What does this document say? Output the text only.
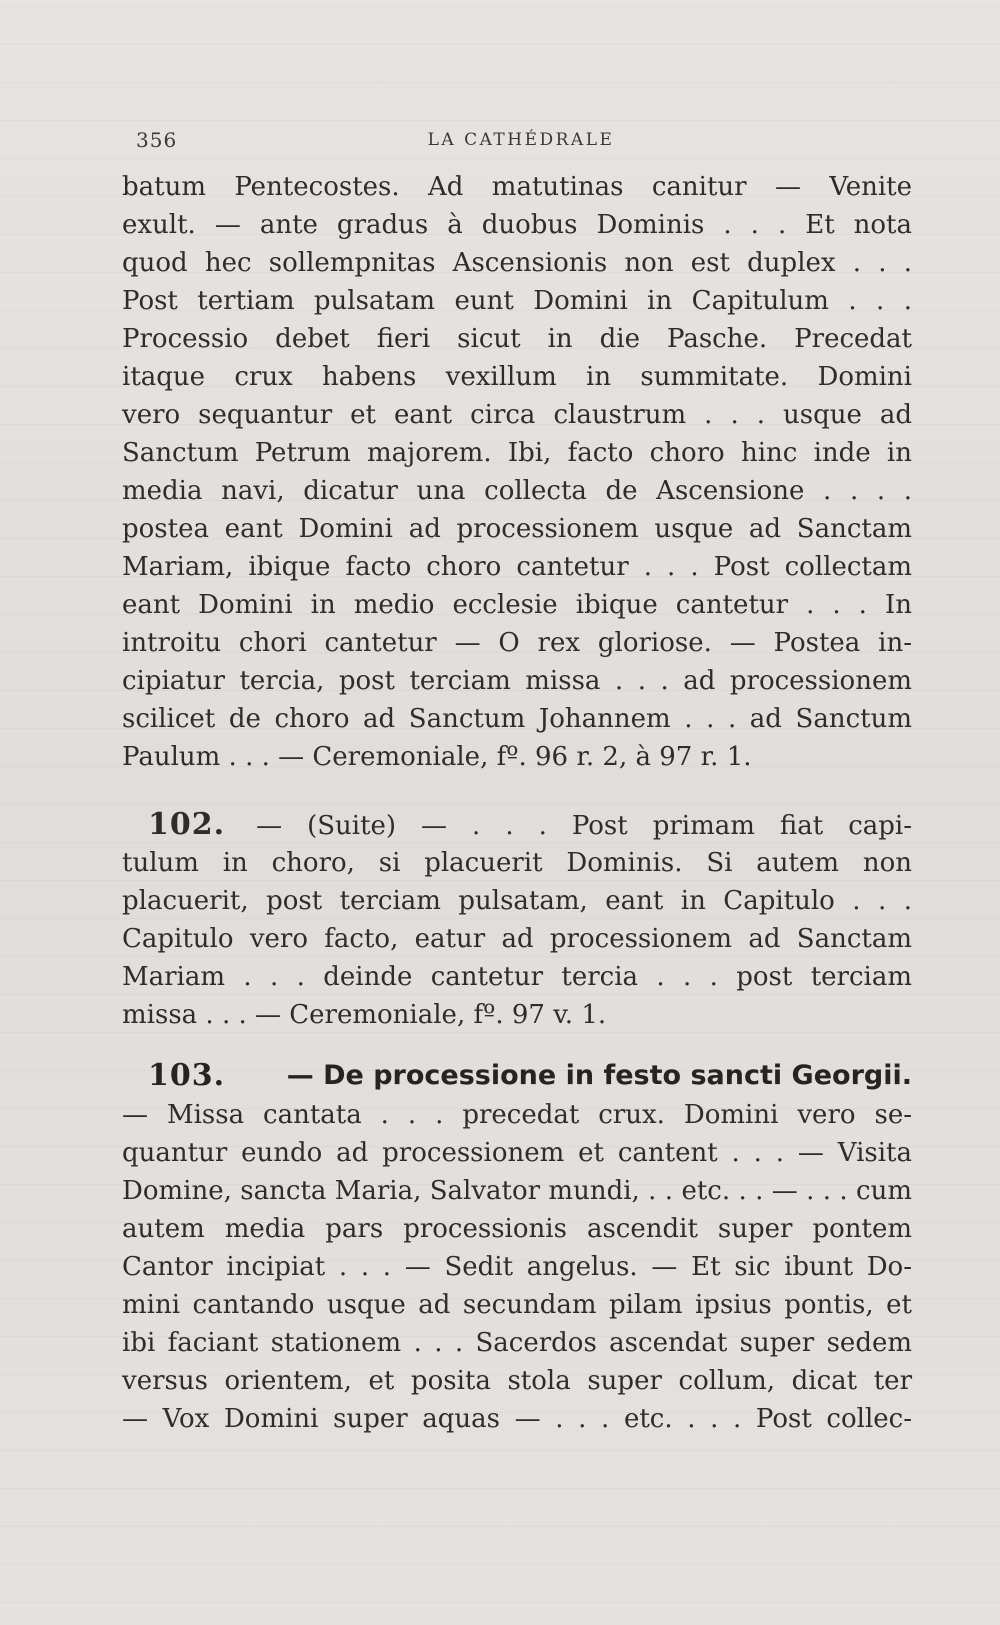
356	LA CATHÉDRALE
batum Pentecostes. Ad matutinas canitur — Venite
exult. — ante gradus à duobus Dominis . . . Et nota
quod hec sollempnitas Ascensionis non est duplex . . .
Post tertiam pulsatam eunt Domini in Capitulum . . .
Processio debet fieri sicut in die Pasche. Precedat
itaque crux habens vexillum in summitate. Domini
vero sequantur et eant circa claustrum . . . usque ad
Sanctum Petrum majorem. Ibi, facto choro hinc inde in
media navi, dicatur una collecta de Ascensione . . . .
postea eant Domini ad processionem usque ad Sanctam
Mariam, ibique facto choro cantetur . . . Post collectam
eant Domini in medio ecclesie ibique cantetur . . . In
introitu chori cantetur — O rex gloriose. — Postea in-
cipiatur tercia, post terciam missa . . . ad processionem
scilicet de choro ad Sanctum Johannem . . . ad Sanctum
Paulum . . . — Ceremoniale, fº. 96 r. 2, à 97 r. 1.
102. — (Suite) — . . . Post primam fiat capi-
tulum in choro, si placuerit Dominis. Si autem non
placuerit, post terciam pulsatam, eant in Capitulo . . .
Capitulo vero facto, eatur ad processionem ad Sanctam
Mariam . . . deinde cantetur tercia . . . post terciam
missa . . . — Ceremoniale, fº. 97 v. 1.
103. — De processione in festo sancti Georgii.
— Missa cantata . . . precedat crux. Domini vero se-
quantur eundo ad processionem et cantent . . . — Visita
Domine, sancta Maria, Salvator mundi, . . etc. . . — . . . cum
autem media pars processionis ascendit super pontem
Cantor incipiat . . . — Sedit angelus. — Et sic ibunt Do-
mini cantando usque ad secundam pilam ipsius pontis, et
ibi faciant stationem . . . Sacerdos ascendat super sedem
versus orientem, et posita stola super collum, dicat ter
— Vox Domini super aquas — . . . etc. . . . Post collec-
